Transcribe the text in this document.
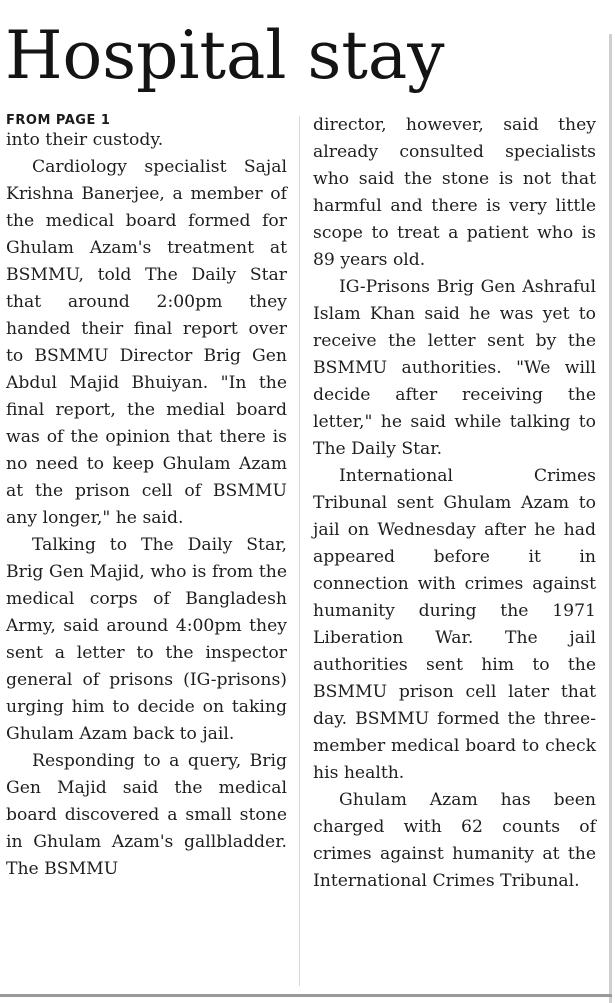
Hospital stay
FROM PAGE 1

into their custody.

Cardiology specialist Sajal Krishna Banerjee, a member of the medical board formed for Ghulam Azam's treatment at BSMMU, told The Daily Star that around 2:00pm they handed their final report over to BSMMU Director Brig Gen Abdul Majid Bhuiyan. "In the final report, the medial board was of the opinion that there is no need to keep Ghulam Azam at the prison cell of BSMMU any longer," he said.

Talking to The Daily Star, Brig Gen Majid, who is from the medical corps of Bangladesh Army, said around 4:00pm they sent a letter to the inspector general of prisons (IG-prisons) urging him to decide on taking Ghulam Azam back to jail.

Responding to a query, Brig Gen Majid said the medical board discovered a small stone in Ghulam Azam's gallbladder. The BSMMU

director, however, said they already consulted specialists who said the stone is not that harmful and there is very little scope to treat a patient who is 89 years old.

IG-Prisons Brig Gen Ashraful Islam Khan said he was yet to receive the letter sent by the BSMMU authorities. "We will decide after receiving the letter," he said while talking to The Daily Star.

International Crimes Tribunal sent Ghulam Azam to jail on Wednesday after he had appeared before it in connection with crimes against humanity during the 1971 Liberation War. The jail authorities sent him to the BSMMU prison cell later that day. BSMMU formed the three-member medical board to check his health.

Ghulam Azam has been charged with 62 counts of crimes against humanity at the International Crimes Tribunal.
